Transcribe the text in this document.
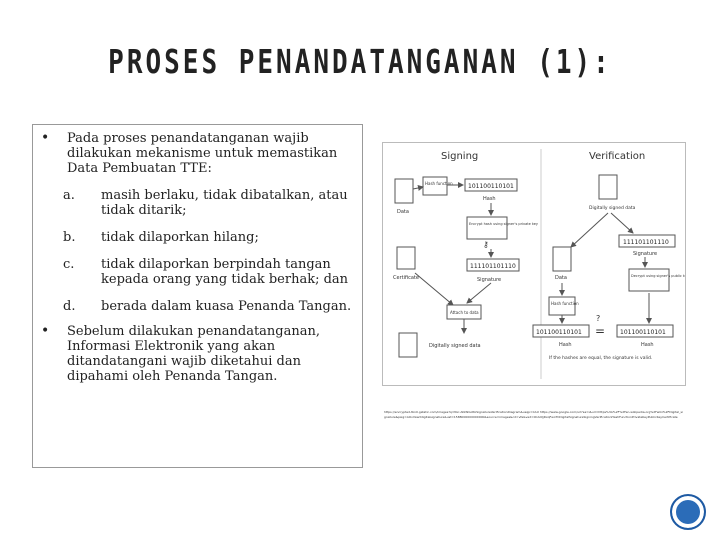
PROSES PENANDATANGANAN (1):
• Pada proses penandatanganan wajib dilakukan mekanisme untuk memastikan Data Pembuatan TTE:
a.	masih berlaku, tidak dibatalkan, atau tidak ditarik;
b.	tidak dilaporkan hilang;
c.	tidak dilaporkan berpindah tangan kepada orang yang tidak berhak; dan
d.	berada dalam kuasa Penanda Tangan.
• Sebelum dilakukan penandatanganan, Informasi Elektronik yang akan ditandatangani wajib diketahui dan dipahami oleh Penanda Tangan.
Signing	Verification
Data
Hash function	101100110101
Hash
Encrypt hash using signer's private key
⚷
111101101110
Certificate	Signature
Attach to data
Digitally signed data
Digitally signed data
Data
111101101110
Signature
Decrypt using signer's public key
Hash function
101100110101
Hash
=
?
101100110101
Hash
If the hashes are equal, the signature is valid.
https://encrypted-tbn0.gstatic.com/images?q=tbn:ANd9GcRkSignatureVerificationDiagram&usqp=CAU https://www.google.com/url?sa=i&url=https%3A%2F%2Fen.wikipedia.org%2Fwiki%2FDigital_signature&psig=AOvVaw3digitalsignature&ust=1588000000000000&source=images&cd=vfe&ved=0CAIQjRxqFwoTCDigitalSignatureSigningVerificationHashFunctionPrivateKeyPublicKeyCertificate
